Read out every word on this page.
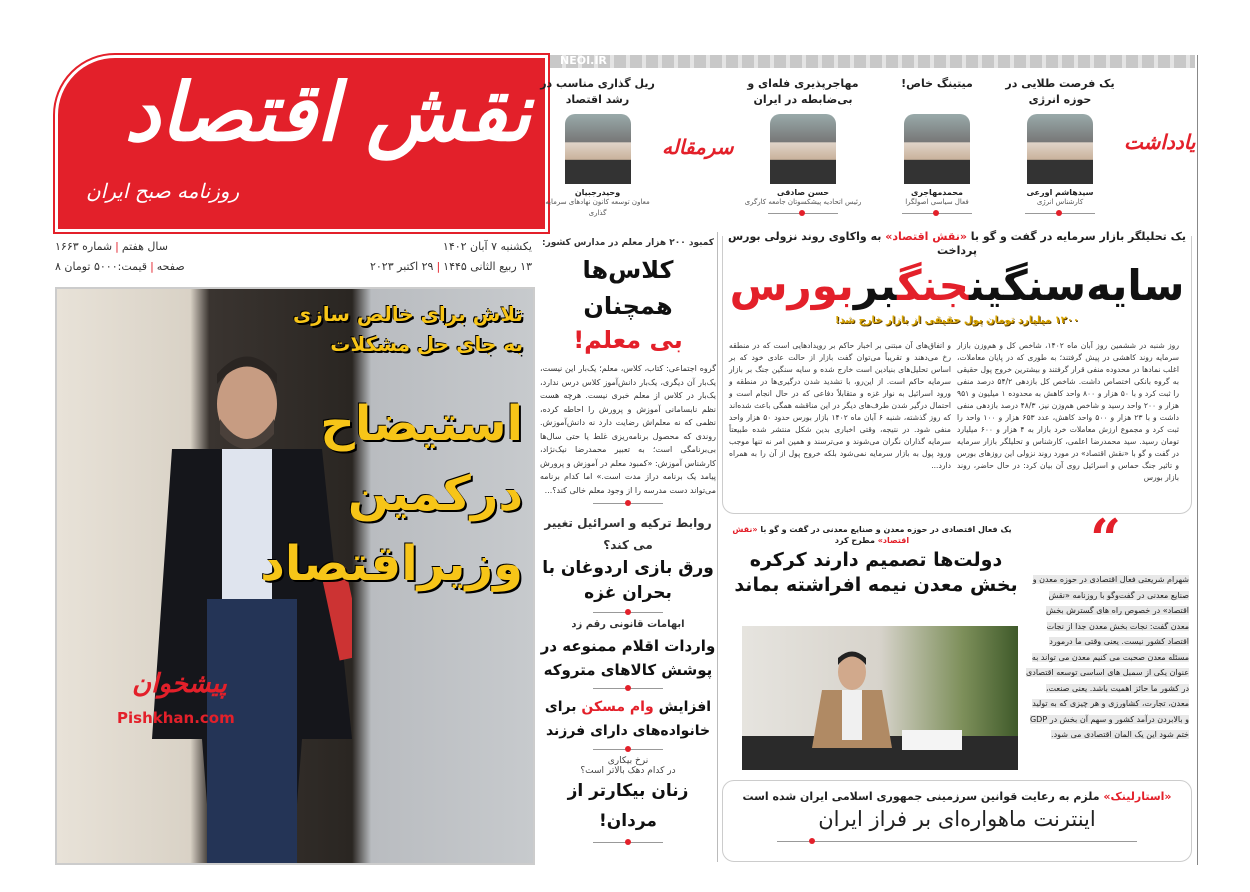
نقش اقتصاد
روزنامه صبح ایران
سال هفتم|شماره ۱۶۶۳
۸ صفحه|قیمت:۵۰۰۰ تومان
یکشنبه ۷ آبان ۱۴۰۲
۱۳ ربیع الثانی ۱۴۴۵|۲۹ اکتبر ۲۰۲۳
NEOI.IR
یادداشت
سرمقاله
یک فرصت طلایی در حوزه انرژی
سیدهاشم اورعی
کارشناس انرژی
میتینگ خاص!
محمدمهاجری
فعال سیاسی اصولگرا
مهاجرپذیری فله‌ای و بی‌ضابطه در ایران
حسن صادقی
رئیس اتحادیه پیشکسوتان جامعه کارگری
ریل گذاری مناسب در رشد اقتصاد
وحیدرجبیان
معاون توسعه کانون نهادهای سرمایه گذاری
تلاش برای خالص سازی به جای حل مشکلات
استیضاح
درکمین
وزیراقتصاد
پیشخوان
Pishkhan.com
کمبود ۲۰۰ هزار معلم در مدارس کشور:
کلاس‌ها همچنان
بی معلم!
گروه اجتماعی: کتاب، کلاس، معلم؛ یک‌بار این نیست، یک‌بار آن دیگری، یک‌بار دانش‌آموز کلاس درس ندارد، یک‌بار در کلاس از معلم خبری نیست. هرچه هست نظم نابسامانی آموزش و پرورش را احاطه کرده، نظمی که نه معلم‌اش رضایت دارد نه دانش‌آموزش. روندی که محصول برنامه‌ریزی غلط یا حتی سال‌ها بی‌برنامگی است؛ به تعبیر محمدرضا نیک‌نژاد، کارشناس آموزش: «کمبود معلم در آموزش و پرورش پیامد یک برنامه دراز مدت است.» اما کدام برنامه می‌تواند دست مدرسه را از وجود معلم خالی کند؟...
روابط ترکیه و اسرائیل تغییر می کند؟
ورق بازی اردوغان با بحران غزه
ابهامات قانونی رقم زد
واردات اقلام ممنوعه در پوشش کالاهای متروکه
افزایش وام مسکن برای خانواده‌های دارای فرزند
نرخ بیکاری
در کدام دهک بالاتر است؟
زنان بیکارتر از مردان!
یک تحلیلگر بازار سرمایه در گفت و گو با «نقش اقتصاد» به واکاوی روند نزولی بورس پرداخت
سایه‌سنگینجنگبربورس
۱۲۰۰ میلیارد تومان پول حقیقی از بازار خارج شد!
روز شنبه در ششمین روز آبان ماه ۱۴۰۲، شاخص کل و هم‌وزن بازار سرمایه روند کاهشی در پیش گرفتند؛ به طوری که در پایان معاملات، اغلب نمادها در محدوده منفی قرار گرفتند و بیشترین خروج پول حقیقی به گروه بانکی اختصاص داشت. شاخص کل بازدهی ۵۴/۲ درصد منفی را ثبت کرد و با ۵۰ هزار و ۸۰۰ واحد کاهش به محدوده ۱ میلیون و ۹۵۱ هزار و ۲۰۰ واحد رسید و شاخص هم‌وزن نیز، ۴۸/۳ درصد بازدهی منفی داشت و با ۲۳ هزار و ۵۰۰ واحد کاهش، عدد ۶۵۳ هزار و ۱۰۰ واحد را ثبت کرد و مجموع ارزش معاملات خرد بازار به ۴ هزار و ۶۰۰ میلیارد تومان رسید. سید محمدرضا اعلمی، کارشناس و تحلیلگر بازار سرمایه در گفت و گو با «نقش اقتصاد» در مورد روند نزولی این روزهای بورس و تاثیر جنگ حماس و اسرائیل روی آن بیان کرد: در حال حاضر، روند بازار بورس
و اتفاق‌های آن مبتنی بر اخبار حاکم بر رویدادهایی است که در منطقه رخ می‌دهند و تقریباً می‌توان گفت بازار از حالت عادی خود که بر اساس تحلیل‌های بنیادین است خارج شده و سایه سنگین جنگ بر بازار سرمایه حاکم است. از این‌رو، با تشدید شدن درگیری‌ها در منطقه و ورود اسرائیل به نوار غزه و متقابلاً دفاعی که در حال انجام است و احتمال درگیر شدن طرف‌های دیگر در این مناقشه همگی باعث شده‌اند که روز گذشته، شنبه ۶ آبان ماه ۱۴۰۲ بازار بورس حدود ۵۰ هزار واحد منفی شود. در نتیجه، وقتی اخباری بدین شکل منتشر شده طبیعتاً سرمایه گذاران نگران می‌شوند و می‌ترسند و همین امر نه تنها موجب ورود پول به بازار سرمایه نمی‌شود بلکه خروج پول از آن را به همراه دارد...
یک فعال اقتصادی در حوزه معدن و صنایع معدنی در گفت و گو با «نقش اقتصاد» مطرح کرد
دولت‌ها تصمیم دارند کرکره بخش معدن نیمه افراشته بماند
“
شهرام شریعتی فعال اقتصادی در حوزه معدن و صنایع معدنی در گفت‌وگو با روزنامه «نقش اقتصاد» در خصوص راه های گسترش بخش معدن گفت: نجات بخش معدن جدا از نجات اقتصاد کشور نیست. یعنی وقتی ما درمورد مسئله معدن صحبت می کنیم معدن می تواند به عنوان یکی از سمبل های اساسی توسعه اقتصادی در کشور ما حائز اهمیت باشد. یعنی صنعت، معدن، تجارت، کشاورزی و هر چیزی که به تولید و بالابردن درآمد کشور و سهم آن بخش در GDP ختم شود این یک المان اقتصادی می شود.
«استارلینک» ملزم به رعایت قوانین سرزمینی جمهوری اسلامی ایران شده است
اینترنت ماهواره‌ای بر فراز ایران
